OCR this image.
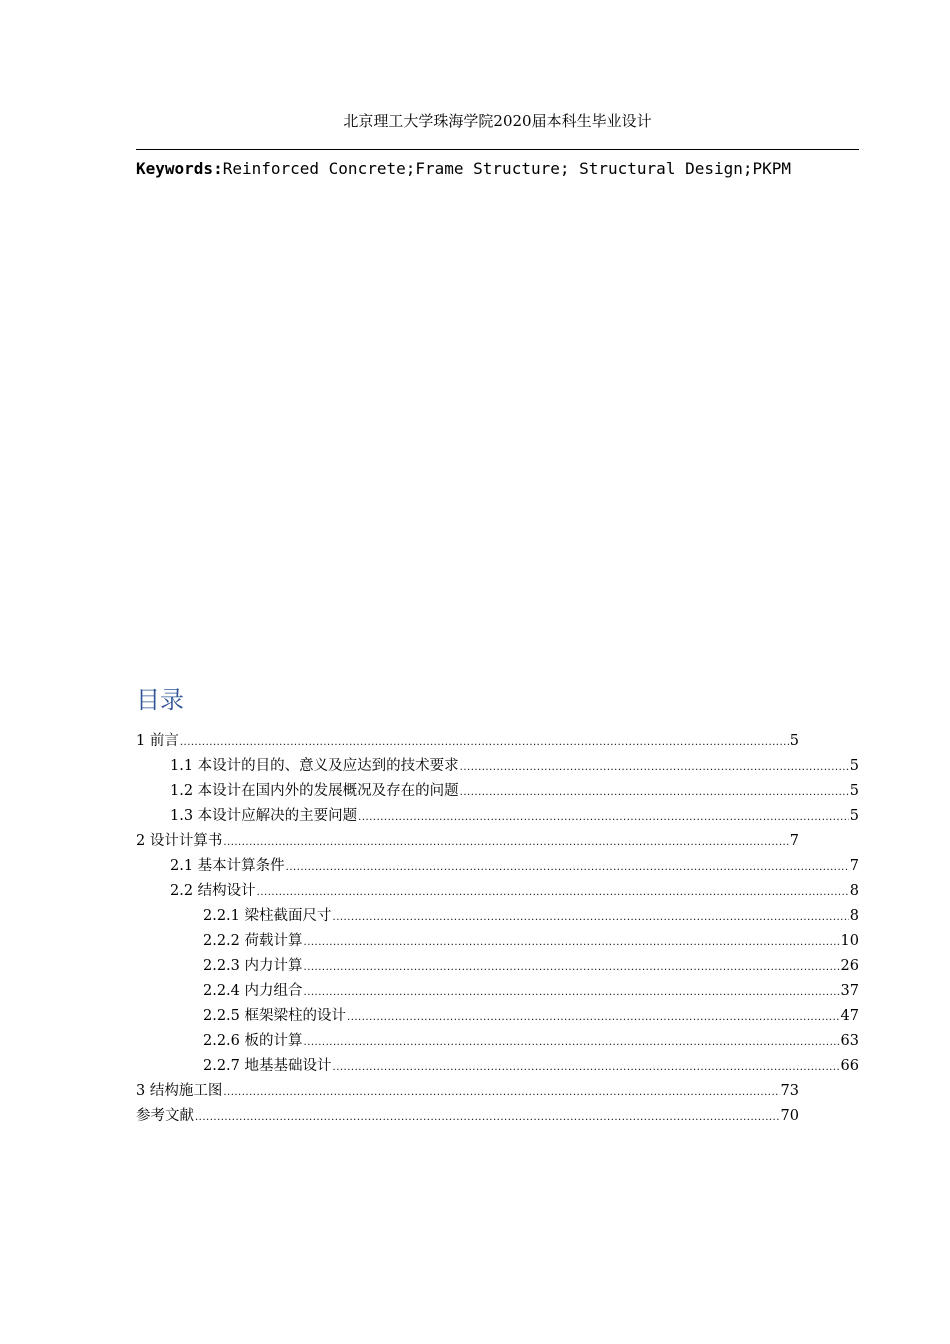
北京理工大学珠海学院2020届本科生毕业设计
Keywords:Reinforced Concrete;Frame Structure; Structural Design;PKPM
目录
1 前言 .....	5
1.1 本设计的目的、意义及应达到的技术要求 .....	5
1.2 本设计在国内外的发展概况及存在的问题 .....	5
1.3 本设计应解决的主要问题 .....	5
2 设计计算书 .....	7
2.1 基本计算条件 .....	7
2.2 结构设计 .....	8
2.2.1 梁柱截面尺寸 .....	8
2.2.2 荷载计算 .....	10
2.2.3 内力计算 .....	26
2.2.4 内力组合 .....	37
2.2.5 框架梁柱的设计 .....	47
2.2.6 板的计算 .....	63
2.2.7 地基基础设计 .....	66
3 结构施工图 .....	73
参考文献 .....	70
